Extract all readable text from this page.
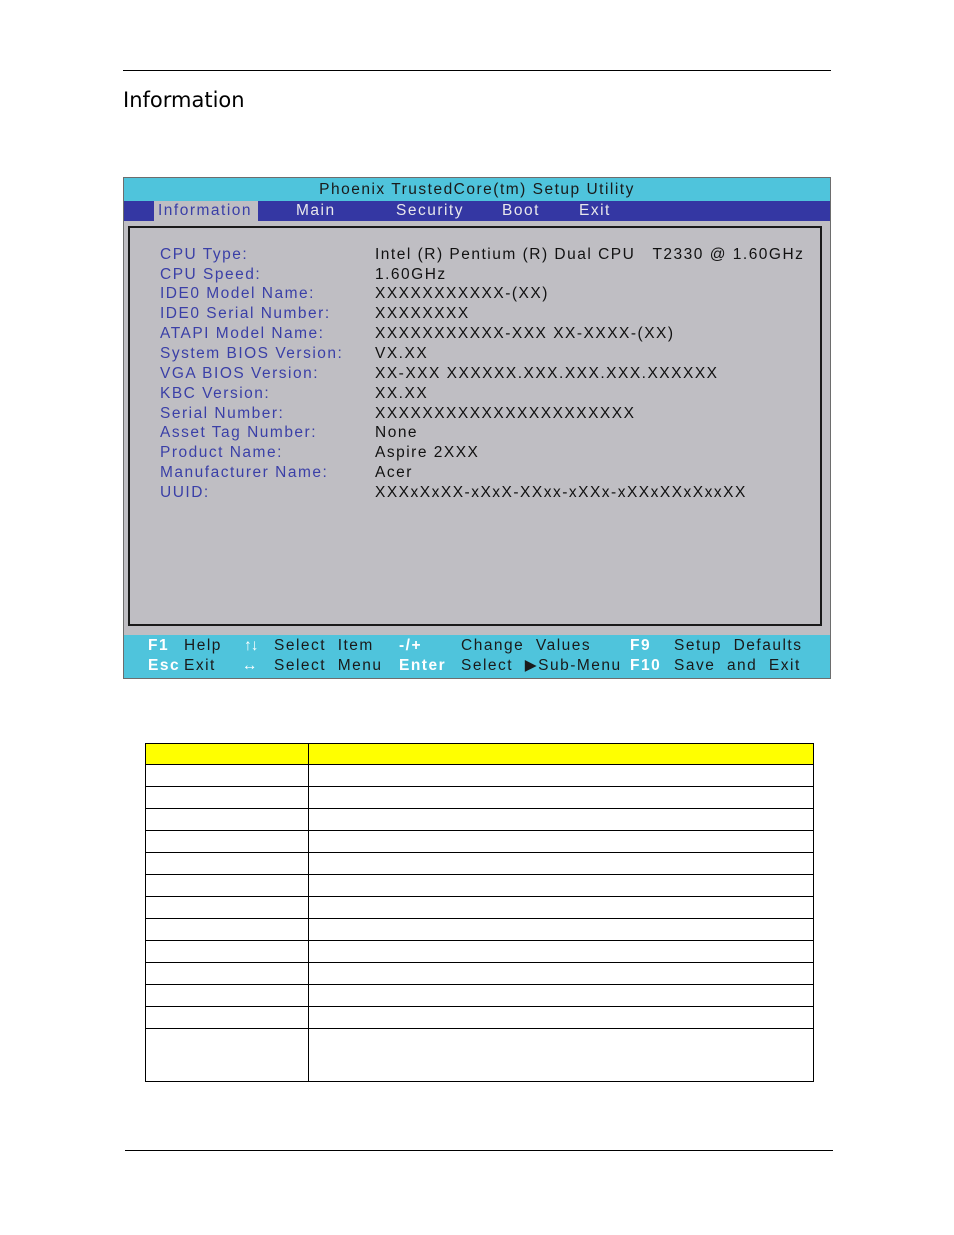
Information
Phoenix TrustedCore(tm) Setup Utility
Information	Main	Security Boot	Exit
CPU Type:	Intel (R) Pentium (R) Dual CPU   T2330 @ 1.60GHz
CPU Speed:	1.60GHz
IDE0 Model Name:	XXXXXXXXXXX-(XX)
IDE0 Serial Number:	XXXXXXXX
ATAPI Model Name:	XXXXXXXXXXX-XXX XX-XXXX-(XX)
System BIOS Version: VX.XX
VGA BIOS Version:	XX-XXX XXXXXX.XXX.XXX.XXX.XXXXXX
KBC Version:	XX.XX
Serial Number:	XXXXXXXXXXXXXXXXXXXXXX
Asset Tag Number:	None
Product Name:	Aspire 2XXX
Manufacturer Name:	Acer
UUID:	XXXxXxXX-xXxX-XXxx-xXXx-xXXxXXxXxxXX
F1 Help
Esc Exit
↑↓ Select  Item
↔ Select  Menu
-/+	Change  Values
Enter Select  ▶Sub-Menu
F9 Setup  Defaults
F10 Save  and  Exit
